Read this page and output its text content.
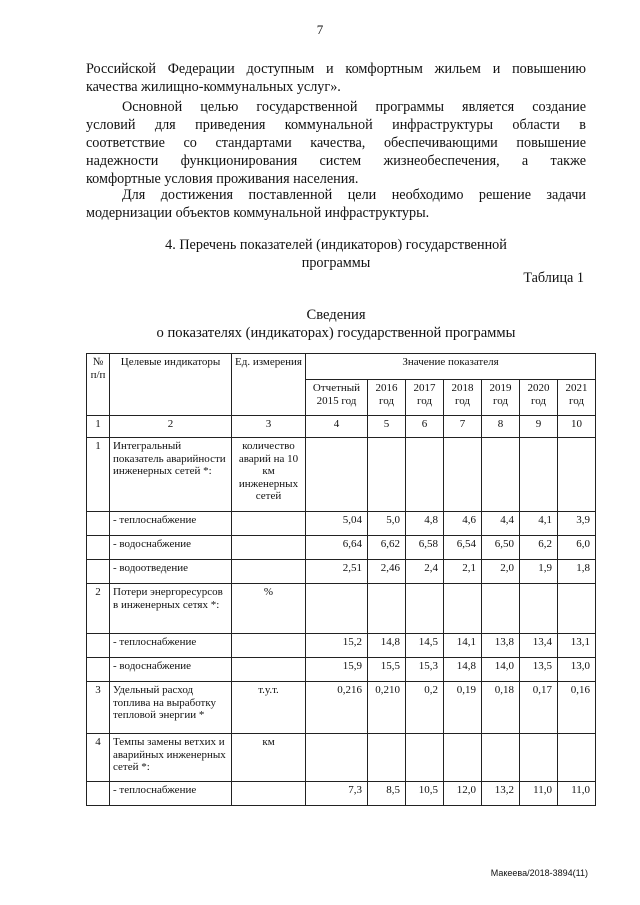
7

Российской Федерации доступным и комфортным жильем и повышению
качества жилищно-коммунальных услуг».

Основной целью государственной программы является создание
условий для приведения коммунальной инфраструктуры области в
соответствие со стандартами качества, обеспечивающими повышение
надежности функционирования систем жизнеобеспечения, а также
комфортные условия проживания населения.

Для достижения поставленной цели необходимо решение задачи
модернизации объектов коммунальной инфраструктуры.

4. Перечень показателей (индикаторов) государственной
программы
Таблица 1
Сведения
о показателях (индикаторах) государственной программы
№ п/п	Целевые индикаторы	Ед. измерения	Значение показателя						
			Отчетный 2015 год	2016 год	2017 год	2018 год	2019 год	2020 год	2021 год
1	2	3	4	5	6	7	8	9	10
1	Интегральный показатель аварийности инженерных сетей *:	количество аварий на 10 км инженерных сетей							
	- теплоснабжение		5,04	5,0	4,8	4,6	4,4	4,1	3,9
	- водоснабжение		6,64	6,62	6,58	6,54	6,50	6,2	6,0
	- водоотведение		2,51	2,46	2,4	2,1	2,0	1,9	1,8
2	Потери энергоресурсов в инженерных сетях *:	%							
	- теплоснабжение		15,2	14,8	14,5	14,1	13,8	13,4	13,1
	- водоснабжение		15,9	15,5	15,3	14,8	14,0	13,5	13,0
3	Удельный расход топлива на выработку тепловой энергии *	т.у.т.	0,216	0,210	0,2	0,19	0,18	0,17	0,16
4	Темпы замены ветхих и аварийных инженерных сетей *:	км							
	- теплоснабжение		7,3	8,5	10,5	12,0	13,2	11,0	11,0
Макеева/2018-3894(11)
